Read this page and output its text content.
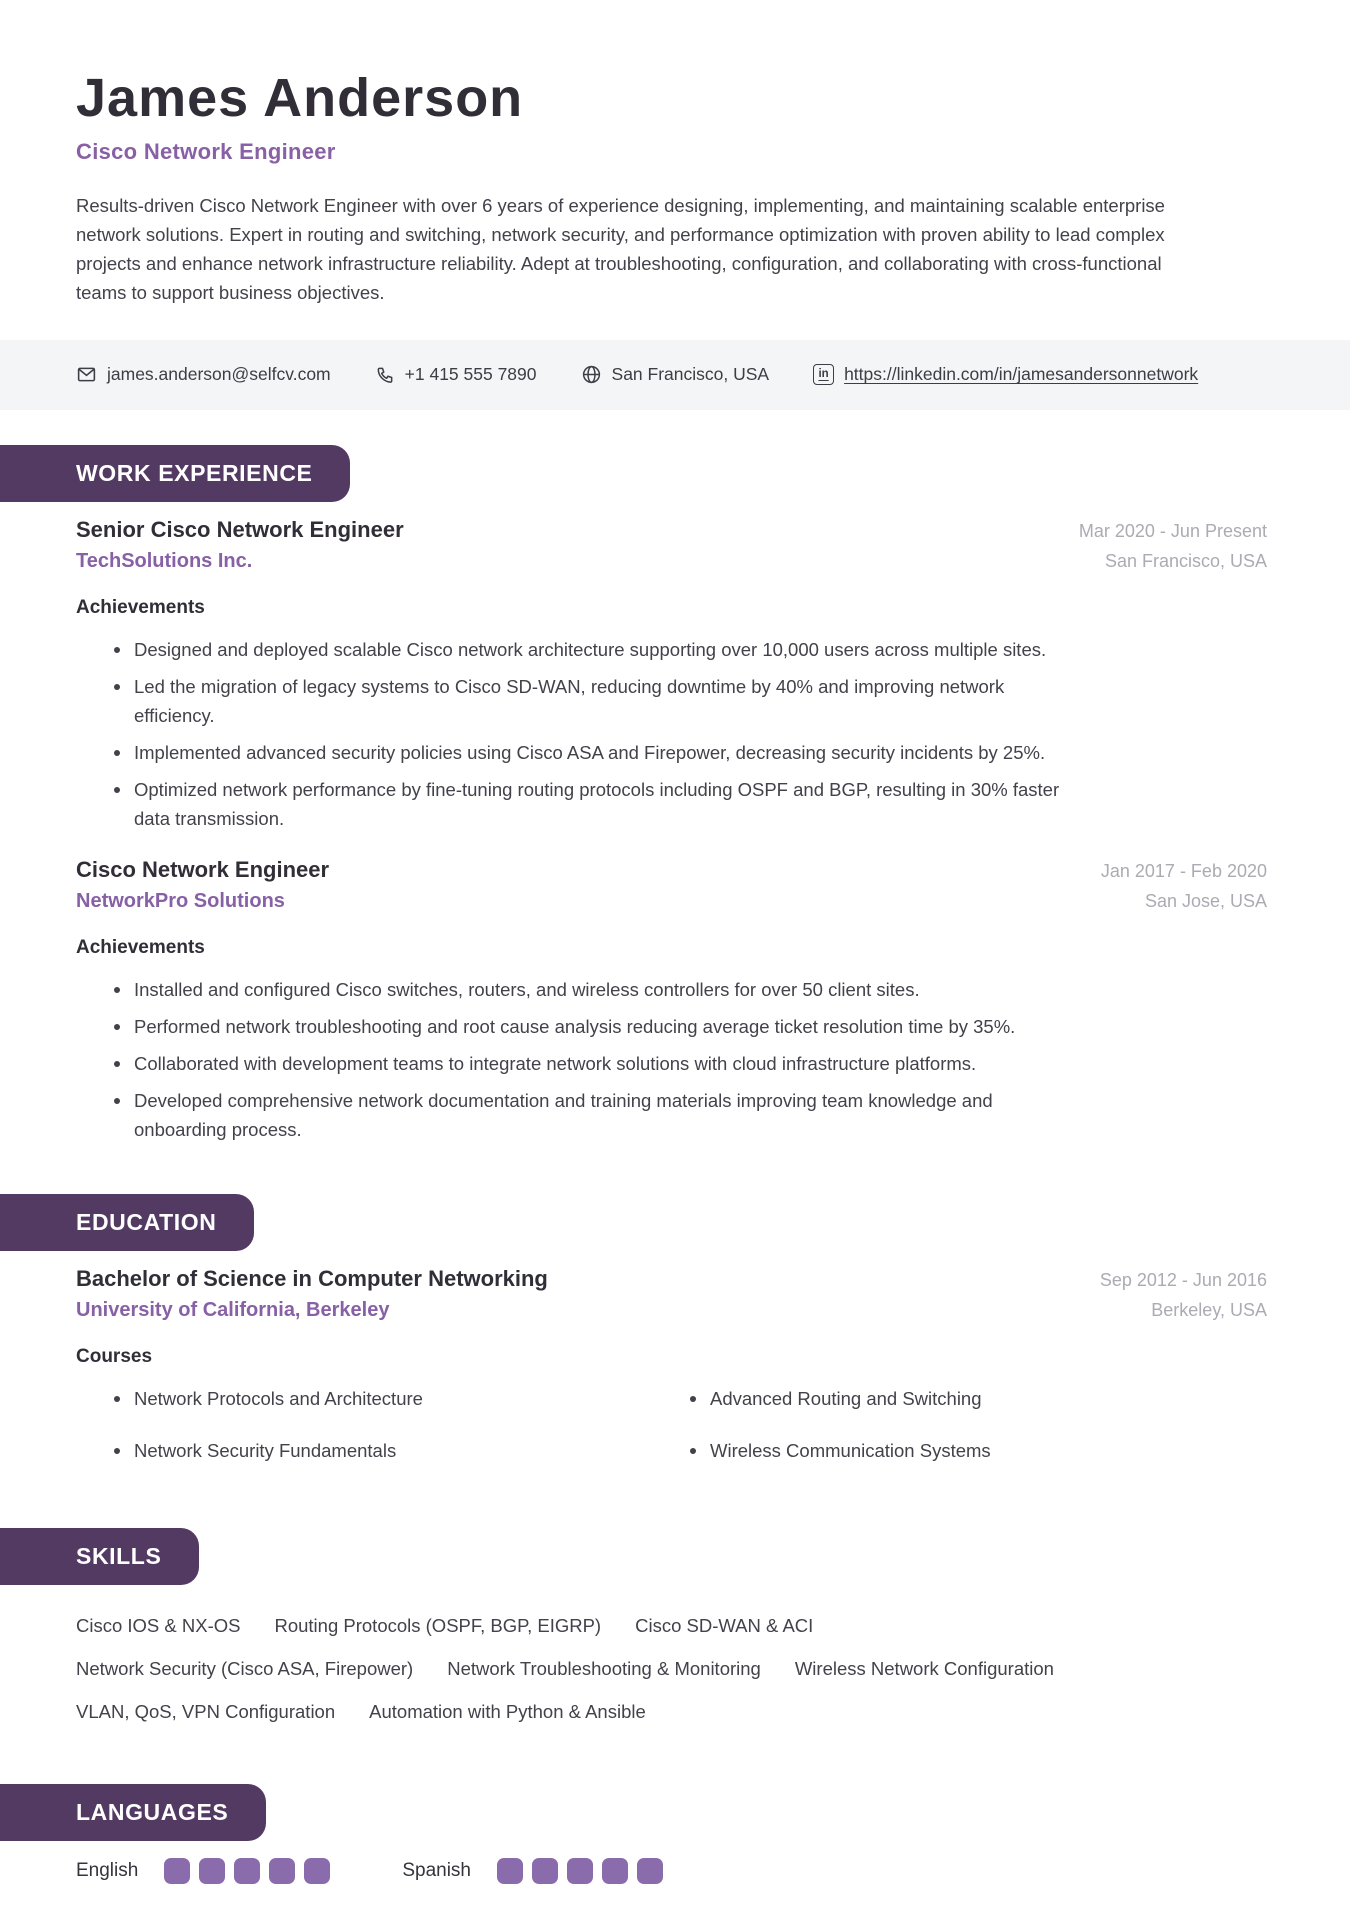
James Anderson
Cisco Network Engineer

Results-driven Cisco Network Engineer with over 6 years of experience designing, implementing, and maintaining scalable enterprise network solutions. Expert in routing and switching, network security, and performance optimization with proven ability to lead complex projects and enhance network infrastructure reliability. Adept at troubleshooting, configuration, and collaborating with cross-functional teams to support business objectives.

james.anderson@selfcv.com	+1 415 555 7890	San Francisco, USA	in https://linkedin.com/in/jamesandersonnetwork
WORK EXPERIENCE
Senior Cisco Network Engineer	Mar 2020 - Jun Present
TechSolutions Inc.	San Francisco, USA
Achievements
Designed and deployed scalable Cisco network architecture supporting over 10,000 users across multiple sites.
Led the migration of legacy systems to Cisco SD-WAN, reducing downtime by 40% and improving network efficiency.
Implemented advanced security policies using Cisco ASA and Firepower, decreasing security incidents by 25%.
Optimized network performance by fine-tuning routing protocols including OSPF and BGP, resulting in 30% faster data transmission.
Cisco Network Engineer	Jan 2017 - Feb 2020
NetworkPro Solutions	San Jose, USA
Achievements
Installed and configured Cisco switches, routers, and wireless controllers for over 50 client sites.
Performed network troubleshooting and root cause analysis reducing average ticket resolution time by 35%.
Collaborated with development teams to integrate network solutions with cloud infrastructure platforms.
Developed comprehensive network documentation and training materials improving team knowledge and onboarding process.
EDUCATION
Bachelor of Science in Computer Networking	Sep 2012 - Jun 2016
University of California, Berkeley	Berkeley, USA
Courses
Network Protocols and Architecture
Network Security Fundamentals
Advanced Routing and Switching
Wireless Communication Systems
SKILLS
Cisco IOS & NX-OS Routing Protocols (OSPF, BGP, EIGRP) Cisco SD-WAN & ACI
Network Security (Cisco ASA, Firepower) Network Troubleshooting & Monitoring Wireless Network Configuration
VLAN, QoS, VPN Configuration Automation with Python & Ansible
LANGUAGES
English	Spanish
